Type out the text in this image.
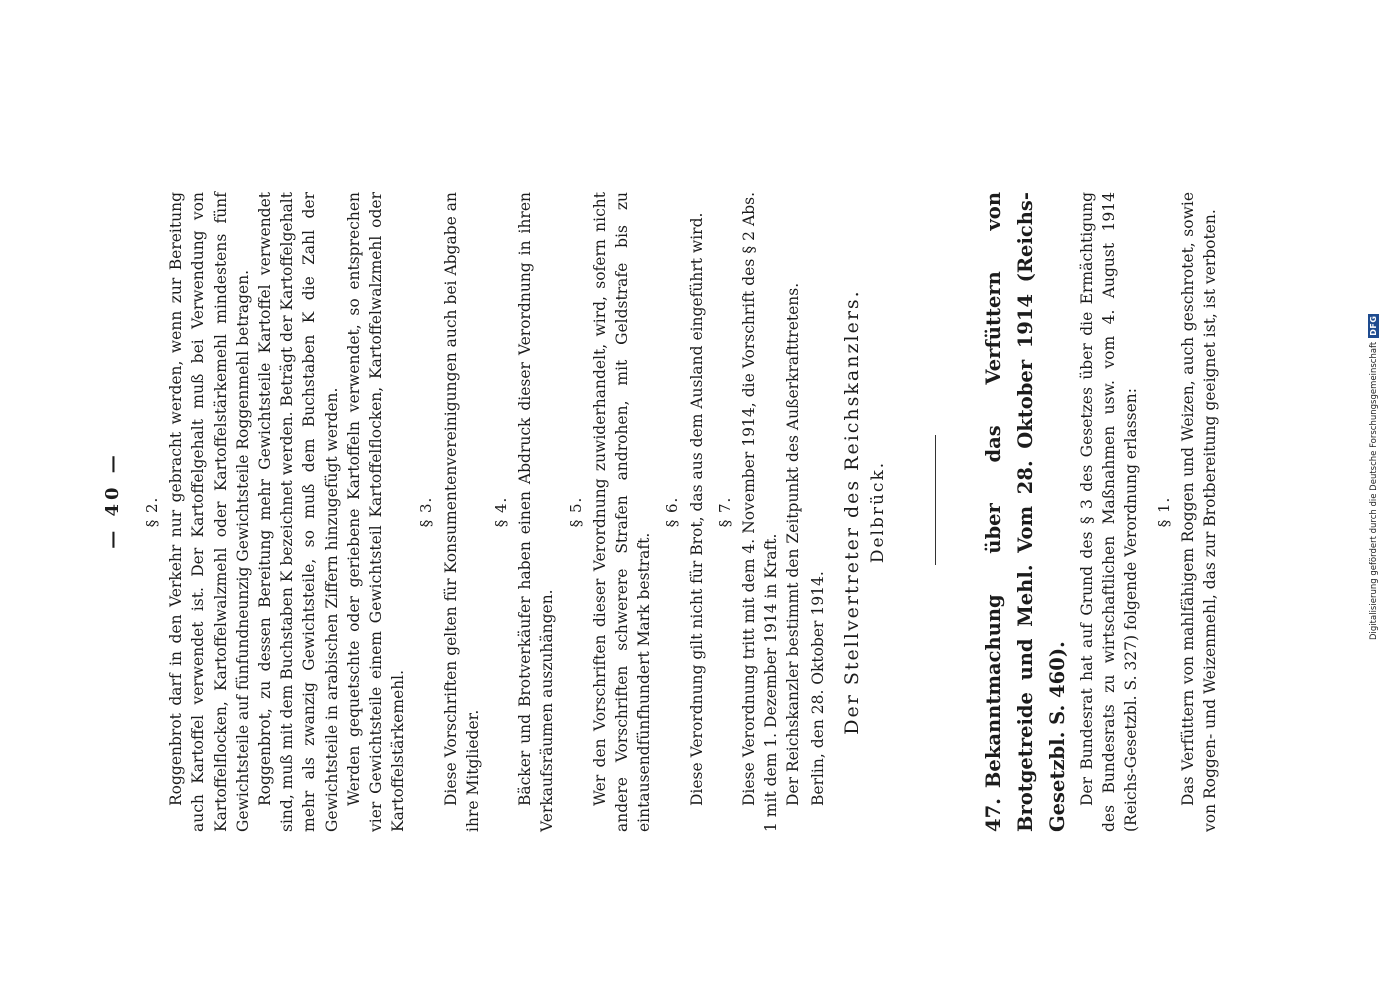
— 40 — § 2. Roggenbrot darf in den Verkehr nur gebracht werden, wenn zur Bereitung auch Kartoffel verwendet ist. Der Kartoffelgehalt muß bei Verwendung von Kartoffelflocken, Kartoffelwalzmehl oder Kartoffelstärkemehl mindestens fünf Gewichtsteile auf fünfundneunzig Gewichtsteile Roggenmehl betragen. Roggenbrot, zu dessen Bereitung mehr Gewichtsteile Kartoffel verwendet sind, muß mit dem Buchstaben K bezeichnet werden. Beträgt der Kartoffelgehalt mehr als zwanzig Gewichtsteile, so muß dem Buchstaben K die Zahl der Gewichtsteile in arabischen Ziffern hinzugefügt werden. Werden gequetschte oder geriebene Kartoffeln verwendet, so entsprechen vier Gewichtsteile einem Gewichtsteil Kartoffelflocken, Kartoffelwalzmehl oder Kartoffelstärkemehl.

§ 3. Diese Vorschriften gelten für Konsumentenvereinigungen auch bei Abgabe an ihre Mitglieder.

§ 4. Bäcker und Brotverkäufer haben einen Abdruck dieser Verordnung in ihren Verkaufsräumen auszuhängen.

§ 5. Wer den Vorschriften dieser Verordnung zuwiderhandelt, wird, sofern nicht andere Vorschriften schwerere Strafen androhen, mit Geldstrafe bis zu eintausendfünfhundert Mark bestraft.

§ 6. Diese Verordnung gilt nicht für Brot, das aus dem Ausland eingeführt wird. § 7. Diese Verordnung tritt mit dem 4. November 1914, die Vorschrift des § 2 Abs. 1 mit dem 1. Dezember 1914 in Kraft. Der Reichskanzler bestimmt den Zeitpunkt des Außerkrafttretens. Berlin, den 28. Oktober 1914. Der Stellvertreter des Reichskanzlers. Delbrück.

47.Bekanntmachung über das Verfüttern von Brotgetreide und Mehl. Vom 28. Oktober 1914 (Reichs-Gesetzbl. S. 460). Der Bundesrat hat auf Grund des § 3 des Gesetzes über die Ermächtigung des Bundesrats zu wirtschaftlichen Maßnahmen usw. vom 4. August 1914 (Reichs-Gesetzbl. S. 327) folgende Verordnung erlassen: § 1. Das Verfüttern von mahlfähigem Roggen und Weizen, auch geschrotet, sowie von Roggen- und Weizenmehl, das zur Brotbereitung geeignet ist, ist verboten.	Digitalisierung gefördert durch die Deutsche ForschungsgemeinschaftDFG
